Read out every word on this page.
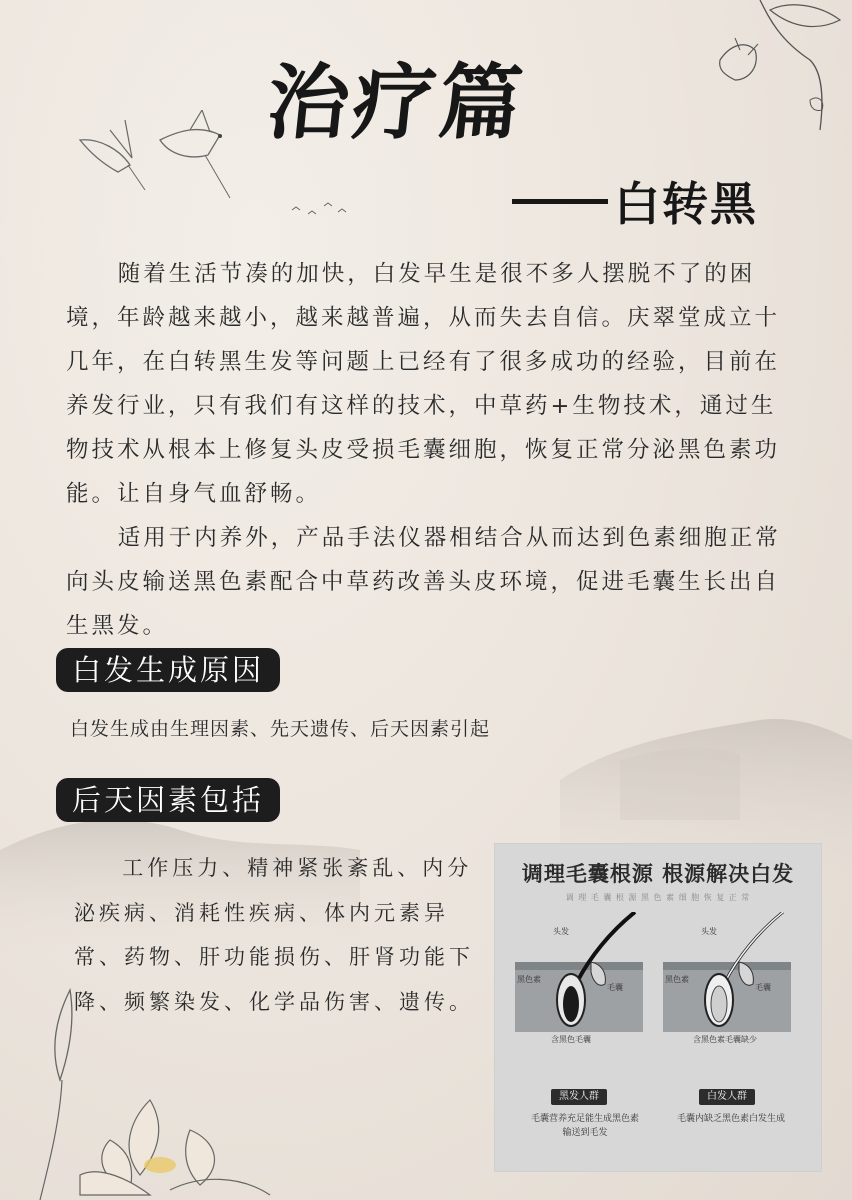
治疗篇
白转黑

随着生活节凑的加快，白发早生是很不多人摆脱不了的困境，年龄越来越小，越来越普遍，从而失去自信。庆翠堂成立十几年，在白转黑生发等问题上已经有了很多成功的经验，目前在养发行业，只有我们有这样的技术，中草药+生物技术，通过生物技术从根本上修复头皮受损毛囊细胞，恢复正常分泌黑色素功能。让自身气血舒畅。

适用于内养外，产品手法仪器相结合从而达到色素细胞正常向头皮输送黑色素配合中草药改善头皮环境，促进毛囊生长出自生黑发。

白发生成原因
白发生成由生理因素、先天遗传、后天因素引起
后天因素包括
工作压力、精神紧张紊乱、内分泌疾病、消耗性疾病、体内元素异常、药物、肝功能损伤、肝肾功能下降、频繁染发、化学品伤害、遗传。
调理毛囊根源 根源解决白发
调 理 毛 囊 根 源 黑 色 素 细 胞 恢 复 正 常
头发
黑色素
毛囊
含黑色毛囊
头发
黑色素
毛囊
含黑色素毛囊缺少
黑发人群	白发人群
毛囊营养充足能生成黑色素输送到毛发
毛囊内缺乏黑色素白发生成
